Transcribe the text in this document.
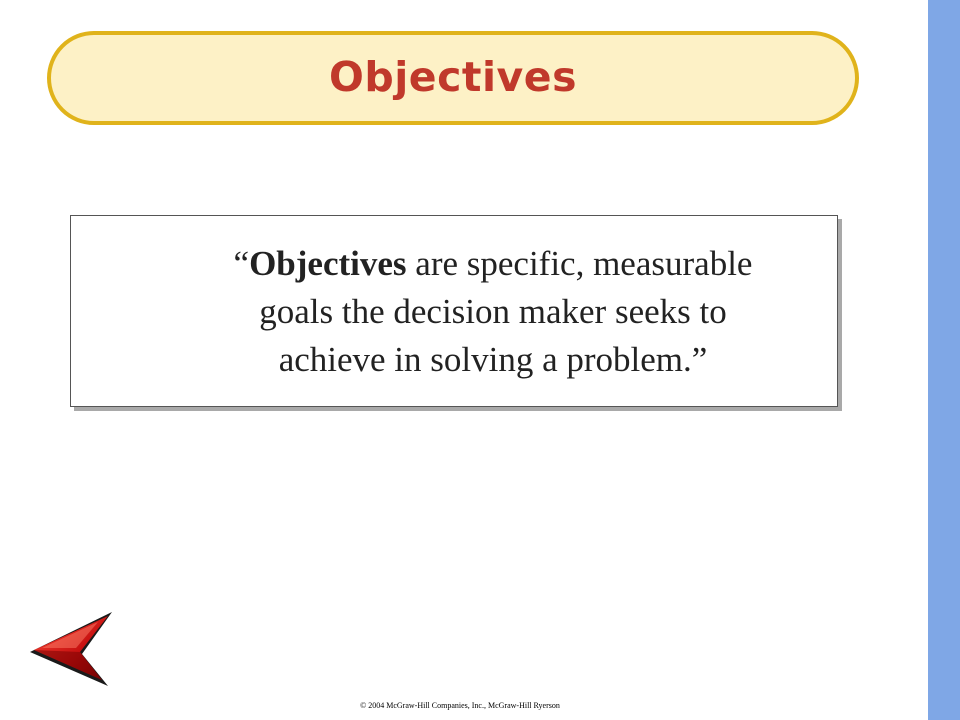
Objectives
“Objectives are specific, measurable
goals the decision maker seeks to
achieve in solving a problem.”
© 2004 McGraw-Hill Companies, Inc., McGraw-Hill Ryerson
